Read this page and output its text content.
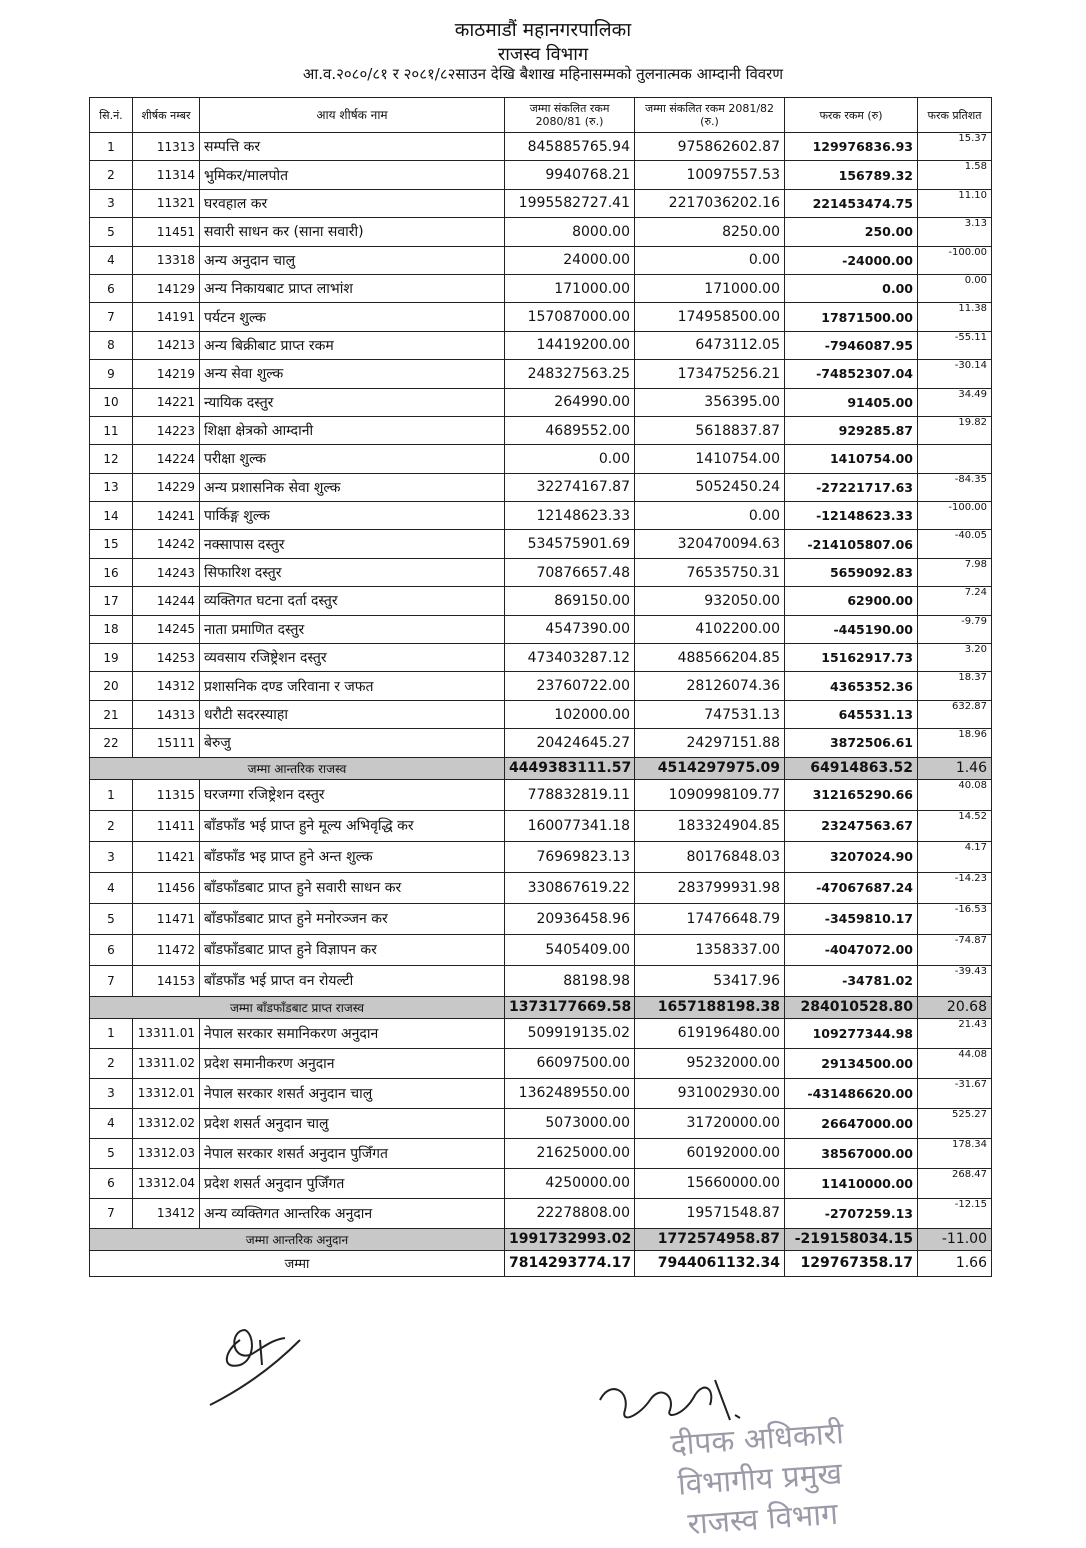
काठमाडौं महानगरपालिका
राजस्व विभाग
आ.व.२०८०/८१ र २०८१/८२साउन देखि बैशाख महिनासम्मको तुलनात्मक आम्दानी विवरण
सि.नं.	शीर्षक नम्बर	आय शीर्षक नाम	जम्मा संकलित रकम 2080/81 (रु.)	जम्मा संकलित रकम 2081/82 (रु.)	फरक रकम (रु)	फरक प्रतिशत
1	11313	सम्पत्ति कर	845885765.94	975862602.87	129976836.93	15.37
2	11314	भुमिकर/मालपोत	9940768.21	10097557.53	156789.32	1.58
3	11321	घरवहाल कर	1995582727.41	2217036202.16	221453474.75	11.10
5	11451	सवारी साधन कर (साना सवारी)	8000.00	8250.00	250.00	3.13
4	13318	अन्य अनुदान चालु	24000.00	0.00	-24000.00	-100.00
6	14129	अन्य निकायबाट प्राप्त लाभांश	171000.00	171000.00	0.00	0.00
7	14191	पर्यटन शुल्क	157087000.00	174958500.00	17871500.00	11.38
8	14213	अन्य बिक्रीबाट प्राप्त रकम	14419200.00	6473112.05	-7946087.95	-55.11
9	14219	अन्य सेवा शुल्क	248327563.25	173475256.21	-74852307.04	-30.14
10	14221	न्यायिक दस्तुर	264990.00	356395.00	91405.00	34.49
11	14223	शिक्षा क्षेत्रको आम्दानी	4689552.00	5618837.87	929285.87	19.82
12	14224	परीक्षा शुल्क	0.00	1410754.00	1410754.00	
13	14229	अन्य प्रशासनिक सेवा शुल्क	32274167.87	5052450.24	-27221717.63	-84.35
14	14241	पार्किङ्ग शुल्क	12148623.33	0.00	-12148623.33	-100.00
15	14242	नक्सापास दस्तुर	534575901.69	320470094.63	-214105807.06	-40.05
16	14243	सिफारिश दस्तुर	70876657.48	76535750.31	5659092.83	7.98
17	14244	व्यक्तिगत घटना दर्ता दस्तुर	869150.00	932050.00	62900.00	7.24
18	14245	नाता प्रमाणित दस्तुर	4547390.00	4102200.00	-445190.00	-9.79
19	14253	व्यवसाय रजिष्ट्रेशन दस्तुर	473403287.12	488566204.85	15162917.73	3.20
20	14312	प्रशासनिक दण्ड जरिवाना र जफत	23760722.00	28126074.36	4365352.36	18.37
21	14313	धरौटी सदरस्याहा	102000.00	747531.13	645531.13	632.87
22	15111	बेरुजु	20424645.27	24297151.88	3872506.61	18.96
जम्मा आन्तरिक राजस्व			4449383111.57	4514297975.09	64914863.52	1.46
1	11315	घरजग्गा रजिष्ट्रेशन दस्तुर	778832819.11	1090998109.77	312165290.66	40.08
2	11411	बाँडफाँड भई प्राप्त हुने मूल्य अभिवृद्धि कर	160077341.18	183324904.85	23247563.67	14.52
3	11421	बाँडफाँड भइ प्राप्त हुने अन्त शुल्क	76969823.13	80176848.03	3207024.90	4.17
4	11456	बाँडफाँडबाट प्राप्त हुने सवारी साधन कर	330867619.22	283799931.98	-47067687.24	-14.23
5	11471	बाँडफाँडबाट प्राप्त हुने मनोरञ्जन कर	20936458.96	17476648.79	-3459810.17	-16.53
6	11472	बाँडफाँडबाट प्राप्त हुने विज्ञापन कर	5405409.00	1358337.00	-4047072.00	-74.87
7	14153	बाँडफाँड भई प्राप्त वन रोयल्टी	88198.98	53417.96	-34781.02	-39.43
जम्मा बाँडफाँडबाट प्राप्त राजस्व			1373177669.58	1657188198.38	284010528.80	20.68
1	13311.01	नेपाल सरकार समानिकरण अनुदान	509919135.02	619196480.00	109277344.98	21.43
2	13311.02	प्रदेश समानीकरण अनुदान	66097500.00	95232000.00	29134500.00	44.08
3	13312.01	नेपाल सरकार शसर्त अनुदान चालु	1362489550.00	931002930.00	-431486620.00	-31.67
4	13312.02	प्रदेश शसर्त अनुदान चालु	5073000.00	31720000.00	26647000.00	525.27
5	13312.03	नेपाल सरकार शसर्त अनुदान पुजिँगत	21625000.00	60192000.00	38567000.00	178.34
6	13312.04	प्रदेश शसर्त अनुदान पुजिँगत	4250000.00	15660000.00	11410000.00	268.47
7	13412	अन्य व्यक्तिगत आन्तरिक अनुदान	22278808.00	19571548.87	-2707259.13	-12.15
जम्मा आन्तरिक अनुदान			1991732993.02	1772574958.87	-219158034.15	-11.00
जम्मा			7814293774.17	7944061132.34	129767358.17	1.66
दीपक अधिकारी
विभागीय प्रमुख
राजस्व विभाग
